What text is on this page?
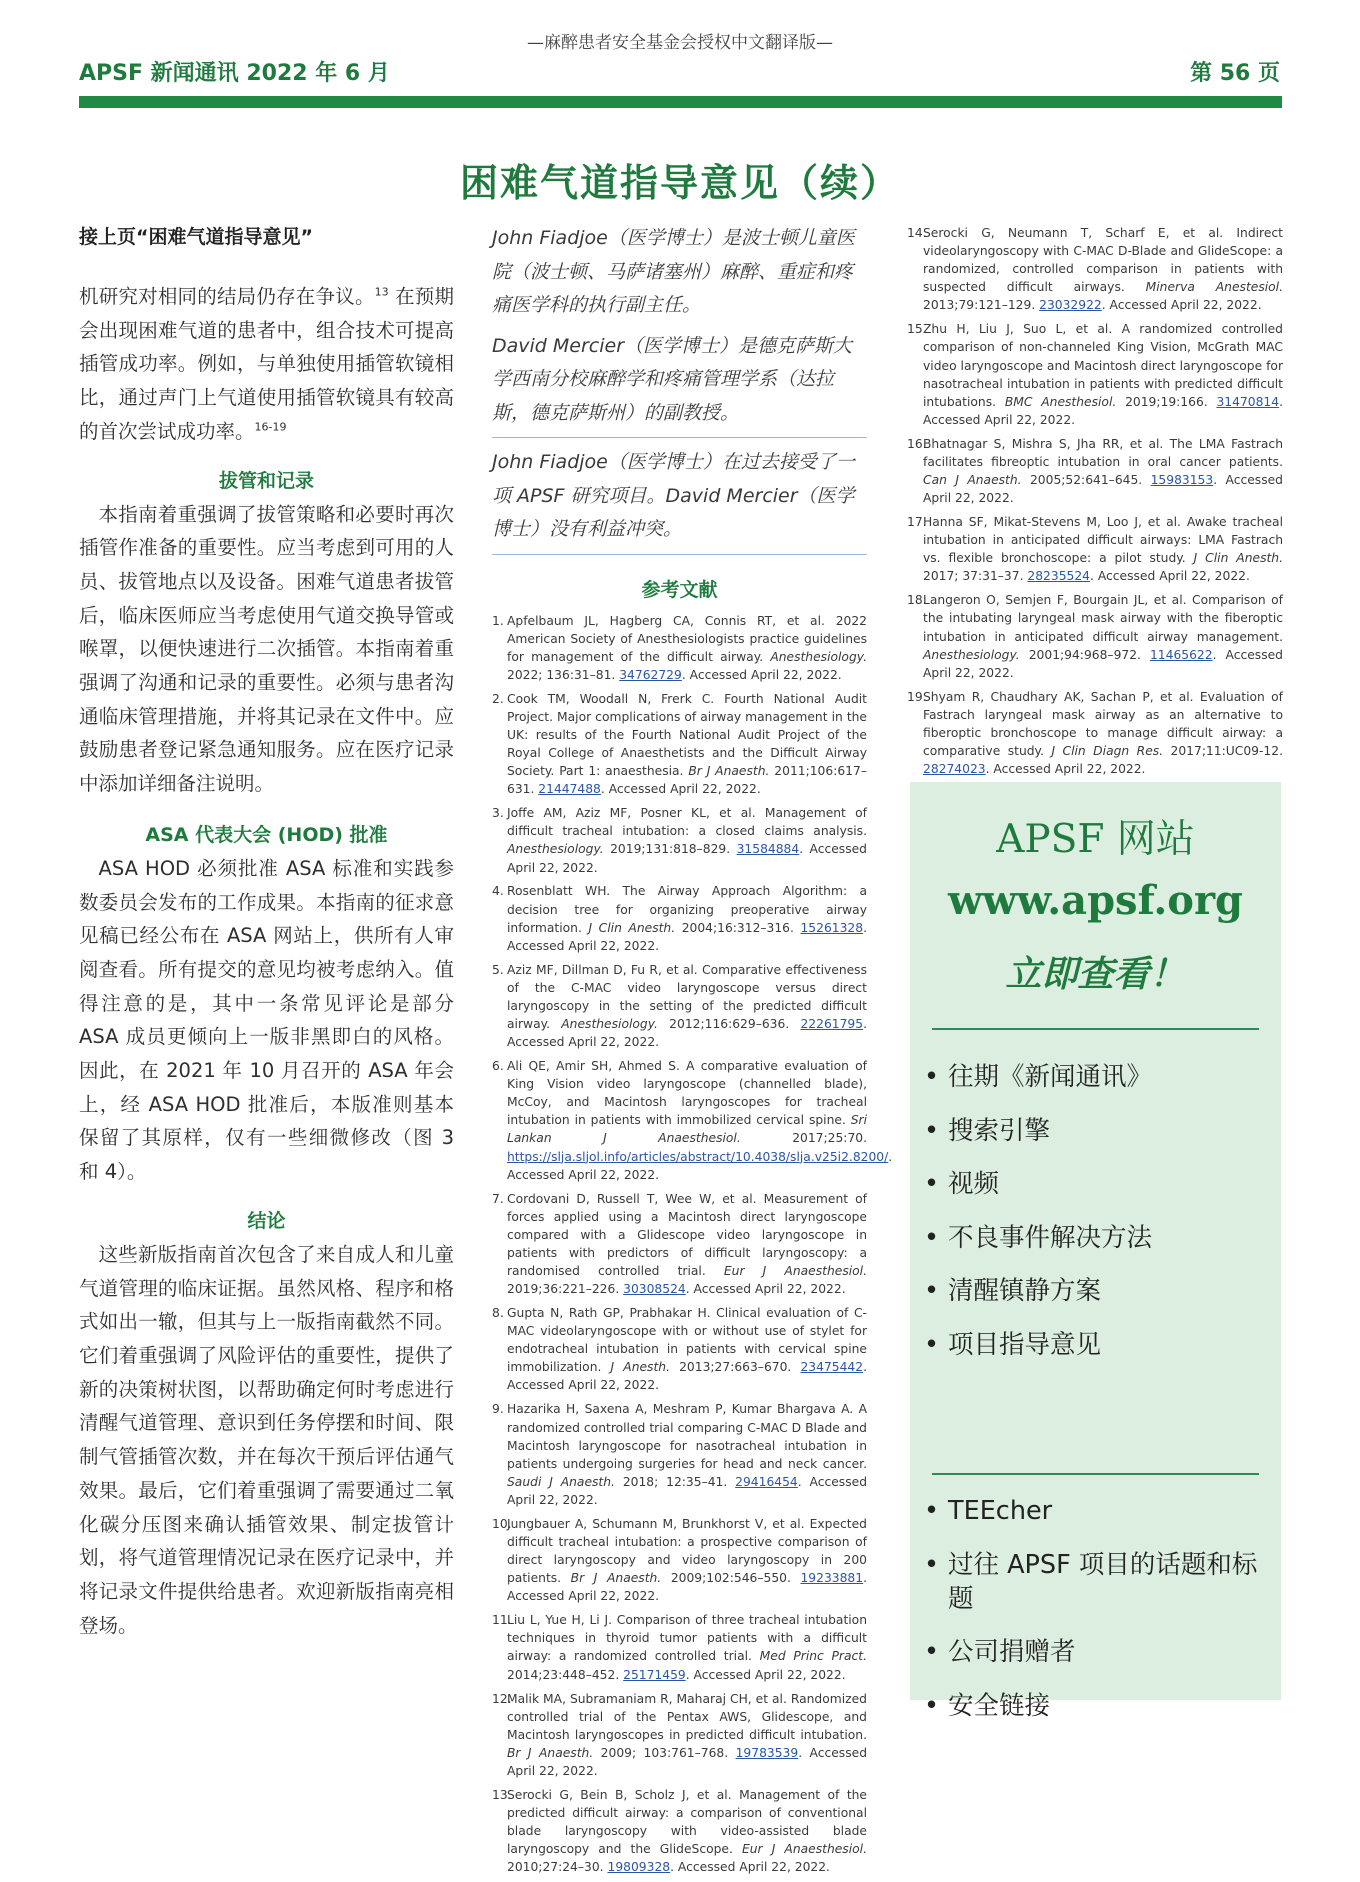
—麻醉患者安全基金会授权中文翻译版—
APSF 新闻通讯 2022 年 6 月	第 56 页
困难气道指导意见（续）
接上页“困难气道指导意见”

机研究对相同的结局仍存在争议。$^{13}$ 在预期会出现困难气道的患者中，组合技术可提高插管成功率。例如，与单独使用插管软镜相比，通过声门上气道使用插管软镜具有较高的首次尝试成功率。$^{16-19}$

拔管和记录

本指南着重强调了拔管策略和必要时再次插管作准备的重要性。应当考虑到可用的人员、拔管地点以及设备。困难气道患者拔管后，临床医师应当考虑使用气道交换导管或喉罩，以便快速进行二次插管。本指南着重强调了沟通和记录的重要性。必须与患者沟通临床管理措施，并将其记录在文件中。应鼓励患者登记紧急通知服务。应在医疗记录中添加详细备注说明。

ASA 代表大会 (HOD) 批准

ASA HOD 必须批准 ASA 标准和实践参数委员会发布的工作成果。本指南的征求意见稿已经公布在 ASA 网站上，供所有人审阅查看。所有提交的意见均被考虑纳入。值得注意的是，其中一条常见评论是部分 ASA 成员更倾向上一版非黑即白的风格。因此，在 2021 年 10 月召开的 ASA 年会上，经 ASA HOD 批准后，本版准则基本保留了其原样，仅有一些细微修改（图 3 和 4）。

结论

这些新版指南首次包含了来自成人和儿童气道管理的临床证据。虽然风格、程序和格式如出一辙，但其与上一版指南截然不同。它们着重强调了风险评估的重要性，提供了新的决策树状图，以帮助确定何时考虑进行清醒气道管理、意识到任务停摆和时间、限制气管插管次数，并在每次干预后评估通气效果。最后，它们着重强调了需要通过二氧化碳分压图来确认插管效果、制定拔管计划，将气道管理情况记录在医疗记录中，并将记录文件提供给患者。欢迎新版指南亮相登场。

John Fiadjoe（医学博士）是波士顿儿童医院（波士顿、马萨诸塞州）麻醉、重症和疼痛医学科的执行副主任。

David Mercier（医学博士）是德克萨斯大学西南分校麻醉学和疼痛管理学系（达拉斯，德克萨斯州）的副教授。

John Fiadjoe（医学博士）在过去接受了一项 APSF 研究项目。David Mercier（医学博士）没有利益冲突。

参考文献
1. Apfelbaum JL, Hagberg CA, Connis RT, et al. 2022 American Society of Anesthesiologists practice guidelines for management of the difficult airway. Anesthesiology. 2022; 136:31–81. 34762729. Accessed April 22, 2022.
2. Cook TM, Woodall N, Frerk C. Fourth National Audit Project. Major complications of airway management in the UK: results of the Fourth National Audit Project of the Royal College of Anaesthetists and the Difficult Airway Society. Part 1: anaesthesia. Br J Anaesth. 2011;106:617–631. 21447488. Accessed April 22, 2022.
3. Joffe AM, Aziz MF, Posner KL, et al. Management of difficult tracheal intubation: a closed claims analysis. Anesthesiology. 2019;131:818–829. 31584884. Accessed April 22, 2022.
4. Rosenblatt WH. The Airway Approach Algorithm: a decision tree for organizing preoperative airway information. J Clin Anesth. 2004;16:312–316. 15261328. Accessed April 22, 2022.
5. Aziz MF, Dillman D, Fu R, et al. Comparative effectiveness of the C-MAC video laryngoscope versus direct laryngoscopy in the setting of the predicted difficult airway. Anesthesiology. 2012;116:629–636. 22261795. Accessed April 22, 2022.
6. Ali QE, Amir SH, Ahmed S. A comparative evaluation of King Vision video laryngoscope (channelled blade), McCoy, and Macintosh laryngoscopes for tracheal intubation in patients with immobilized cervical spine. Sri Lankan J Anaesthesiol. 2017;25:70. https://slja.sljol.info/articles/abstract/10.4038/slja.v25i2.8200/. Accessed April 22, 2022.
7. Cordovani D, Russell T, Wee W, et al. Measurement of forces applied using a Macintosh direct laryngoscope compared with a Glidescope video laryngoscope in patients with predictors of difficult laryngoscopy: a randomised controlled trial. Eur J Anaesthesiol. 2019;36:221–226. 30308524. Accessed April 22, 2022.
8. Gupta N, Rath GP, Prabhakar H. Clinical evaluation of C-MAC videolaryngoscope with or without use of stylet for endotracheal intubation in patients with cervical spine immobilization. J Anesth. 2013;27:663–670. 23475442. Accessed April 22, 2022.
9. Hazarika H, Saxena A, Meshram P, Kumar Bhargava A. A randomized controlled trial comparing C-MAC D Blade and Macintosh laryngoscope for nasotracheal intubation in patients undergoing surgeries for head and neck cancer. Saudi J Anaesth. 2018; 12:35–41. 29416454. Accessed April 22, 2022.
10.
Jungbauer A, Schumann M, Brunkhorst V, et al. Expected difficult tracheal intubation: a prospective comparison of direct laryngoscopy and video laryngoscopy in 200 patients. Br J Anaesth. 2009;102:546–550. 19233881. Accessed April 22, 2022.
11.
Liu L, Yue H, Li J. Comparison of three tracheal intubation techniques in thyroid tumor patients with a difficult airway: a randomized controlled trial. Med Princ Pract. 2014;23:448–452. 25171459. Accessed April 22, 2022.
12.
Malik MA, Subramaniam R, Maharaj CH, et al. Randomized controlled trial of the Pentax AWS, Glidescope, and Macintosh laryngoscopes in predicted difficult intubation. Br J Anaesth. 2009; 103:761–768. 19783539. Accessed April 22, 2022.
13.
Serocki G, Bein B, Scholz J, et al. Management of the predicted difficult airway: a comparison of conventional blade laryngoscopy with video-assisted blade laryngoscopy and the GlideScope. Eur J Anaesthesiol. 2010;27:24–30. 19809328. Accessed April 22, 2022.
14.
Serocki G, Neumann T, Scharf E, et al. Indirect videolaryngoscopy with C-MAC D-Blade and GlideScope: a randomized, controlled comparison in patients with suspected difficult airways. Minerva Anestesiol. 2013;79:121–129. 23032922. Accessed April 22, 2022.
15.
Zhu H, Liu J, Suo L, et al. A randomized controlled comparison of non-channeled King Vision, McGrath MAC video laryngoscope and Macintosh direct laryngoscope for nasotracheal intubation in patients with predicted difficult intubations. BMC Anesthesiol. 2019;19:166. 31470814. Accessed April 22, 2022.
16.
Bhatnagar S, Mishra S, Jha RR, et al. The LMA Fastrach facilitates fibreoptic intubation in oral cancer patients. Can J Anaesth. 2005;52:641–645. 15983153. Accessed April 22, 2022.
17.
Hanna SF, Mikat-Stevens M, Loo J, et al. Awake tracheal intubation in anticipated difficult airways: LMA Fastrach vs. flexible bronchoscope: a pilot study. J Clin Anesth. 2017; 37:31–37. 28235524. Accessed April 22, 2022.
18.
Langeron O, Semjen F, Bourgain JL, et al. Comparison of the intubating laryngeal mask airway with the fiberoptic intubation in anticipated difficult airway management. Anesthesiology. 2001;94:968–972. 11465622. Accessed April 22, 2022.
19.
Shyam R, Chaudhary AK, Sachan P, et al. Evaluation of Fastrach laryngeal mask airway as an alternative to fiberoptic bronchoscope to manage difficult airway: a comparative study. J Clin Diagn Res. 2017;11:UC09-12. 28274023. Accessed April 22, 2022.
APSF 网站
www.apsf.org
立即查看！
• 往期《新闻通讯》
• 搜索引擎
• 视频
• 不良事件解决方法
• 清醒镇静方案
• 项目指导意见
• TEEcher
• 过往 APSF 项目的话题和标题
• 公司捐赠者
• 安全链接
